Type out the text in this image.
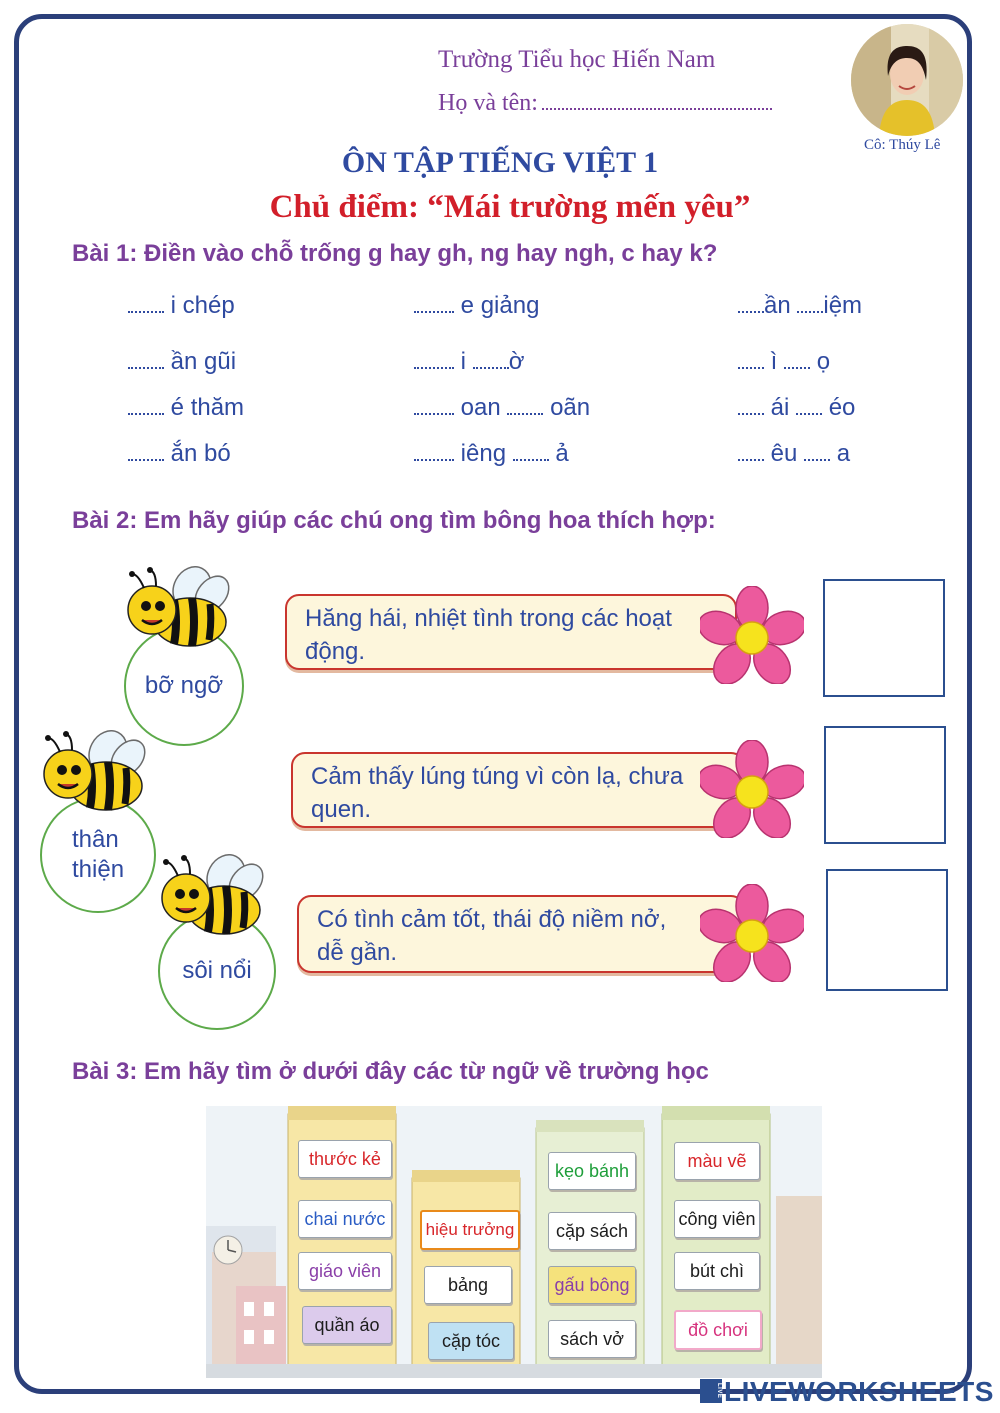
Trường Tiểu học Hiến Nam
Họ và tên:
Cô: Thúy Lê
ÔN TẬP TIẾNG VIỆT 1
Chủ điểm: “Mái trường mến yêu”
Bài 1: Điền vào chỗ trống g hay gh, ng hay ngh, c hay k?
i chép	e giảng	ần iệm
ần gũi	i ờ	ì ọ
é thăm	oan oãn	ái éo
ắn bó	iêng ả	êu a
Bài 2: Em hãy giúp các chú ong tìm bông hoa thích hợp:
bỡ ngỡ
thân thiện
sôi nổi
Hăng hái, nhiệt tình trong các hoạt động.
Cảm thấy lúng túng vì còn lạ, chưa quen.
Có tình cảm tốt, thái độ niềm nở, dễ gần.
Bài 3: Em hãy tìm ở dưới đây các từ ngữ về trường học
thước kẻ
chai nước
giáo viên
quần áo
hiệu trưởng
bảng
cặp tóc
kẹo bánh
cặp sách
gấu bông
sách vở
màu vẽ
công viên
bút chì
đồ chơi
LIVE LIVEWORKSHEETS
